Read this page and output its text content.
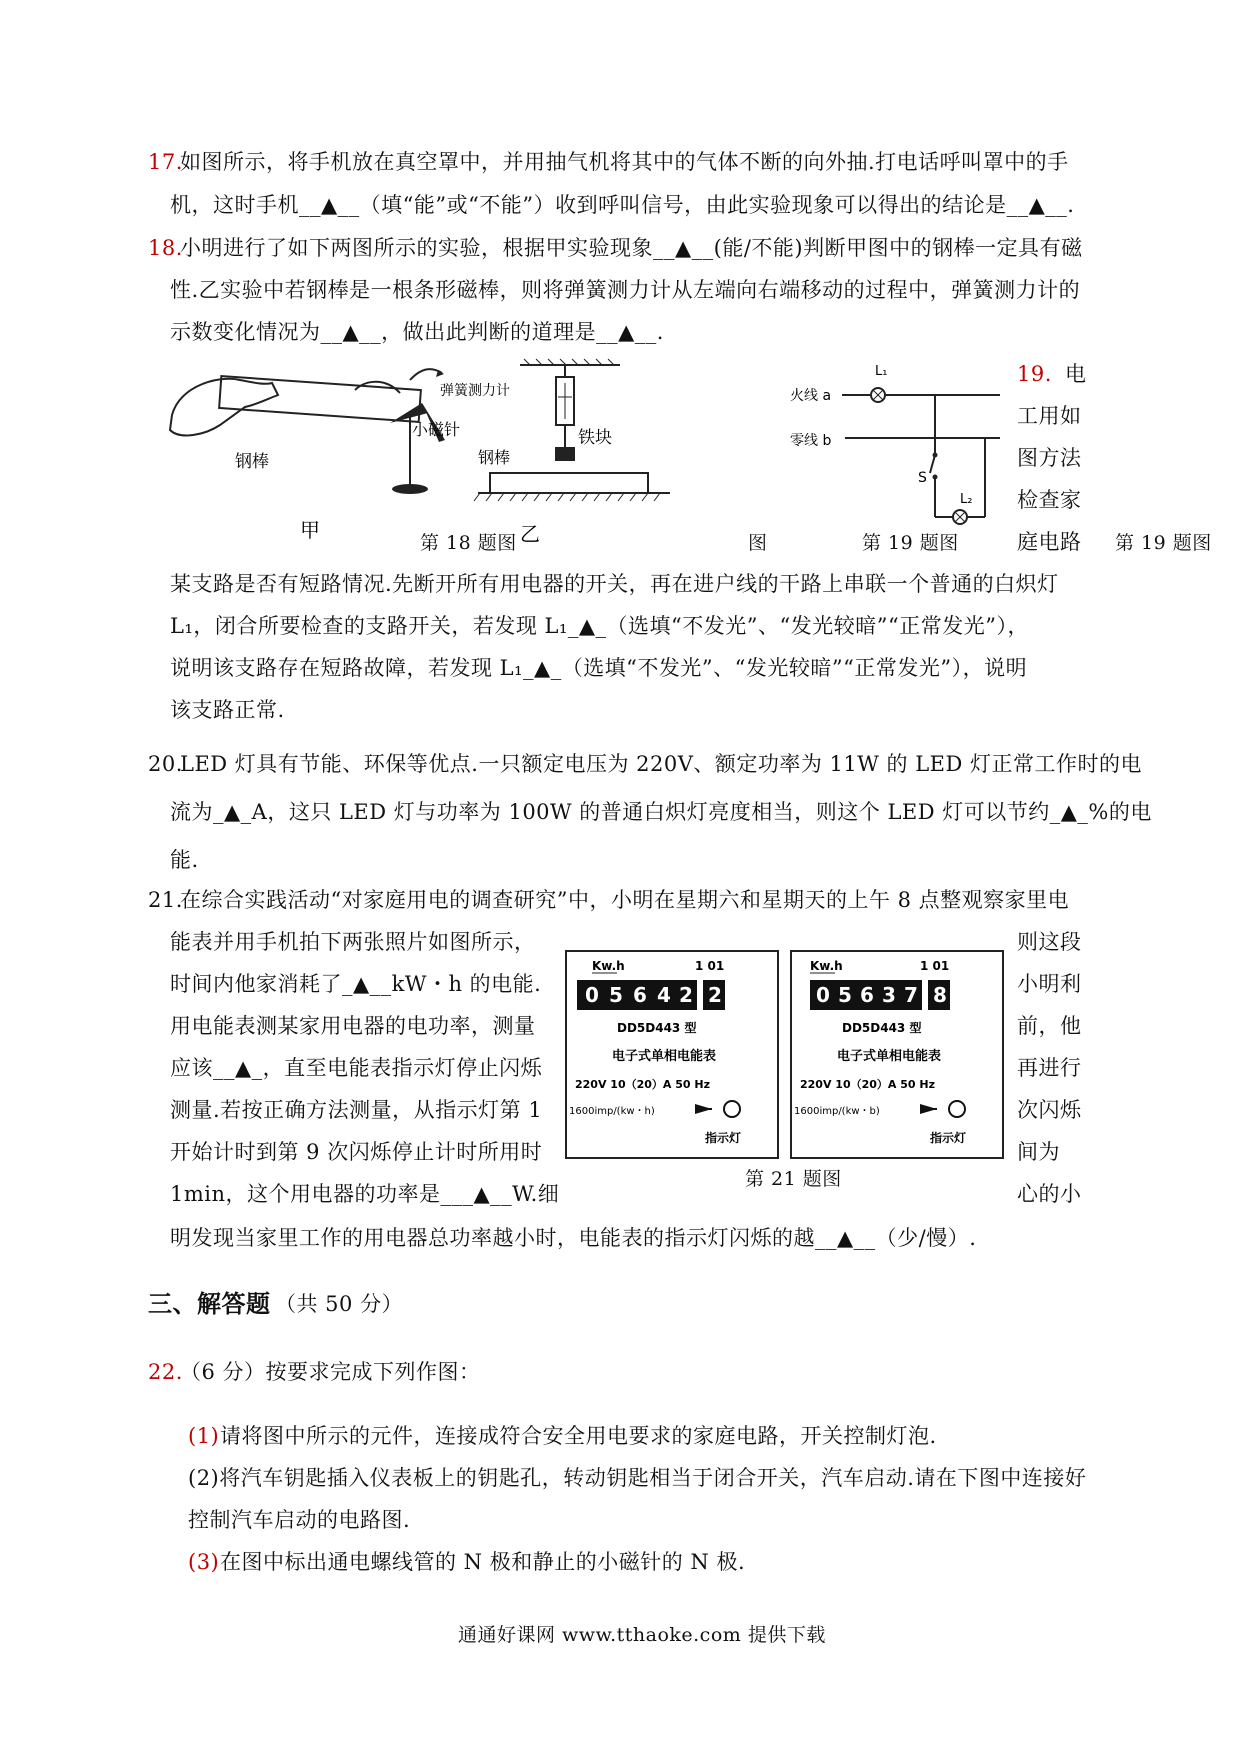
17.
如图所示，将手机放在真空罩中，并用抽气机将其中的气体不断的向外抽.打电话呼叫罩中的手
机，这时手机__▲__（填“能”或“不能”）收到呼叫信号，由此实验现象可以得出的结论是__▲__.
18.
小明进行了如下两图所示的实验，根据甲实验现象__▲__(能/不能)判断甲图中的钢棒一定具有磁
性.乙实验中若钢棒是一根条形磁棒，则将弹簧测力计从左端向右端移动的过程中，弹簧测力计的
示数变化情况为__▲__，做出此判断的道理是__▲__.
钢棒
小磁针
甲
弹簧测力计
铁块
钢棒
乙
第 18 题图	图
L₁
火线 a
零线 b
S
L₂
第 19 题图
19. 电
工用如
图方法
检查家
庭电路 第 19 题图
某支路是否有短路情况.先断开所有用电器的开关，再在进户线的干路上串联一个普通的白炽灯
L₁，闭合所要检查的支路开关，若发现 L₁_▲_（选填“不发光”、“发光较暗”“正常发光”），
说明该支路存在短路故障，若发现 L₁_▲_（选填“不发光”、“发光较暗”“正常发光”），说明
该支路正常.
20.
LED 灯具有节能、环保等优点.一只额定电压为 220V、额定功率为 11W 的 LED 灯正常工作时的电
流为_▲_A，这只 LED 灯与功率为 100W 的普通白炽灯亮度相当，则这个 LED 灯可以节约_▲_%的电
能.
21.
在综合实践活动“对家庭用电的调查研究”中，小明在星期六和星期天的上午 8 点整观察家里电
能表并用手机拍下两张照片如图所示，
时间内他家消耗了_▲__kW・h 的电能.
用电能表测某家用电器的电功率，测量
应该__▲_，直至电能表指示灯停止闪烁
测量.若按正确方法测量，从指示灯第 1
开始计时到第 9 次闪烁停止计时所用时
1min，这个用电器的功率是___▲__W.细
则这段
小明利
前，他
再进行
次闪烁
间为
心的小
Kw.h	1 01
0 5 6 4 2 2
DD5D443 型
电子式单相电能表
220V 10（20）A 50 Hz
1600imp/(kw・h)
指示灯
Kw.h	1 01
0 5 6 3 7 8
DD5D443 型
电子式单相电能表
220V 10（20）A 50 Hz
1600imp/(kw・b)
指示灯
第 21 题图
明发现当家里工作的用电器总功率越小时，电能表的指示灯闪烁的越__▲__（少/慢）.
三、解答题 （共 50 分）
22.
（6 分）按要求完成下列作图：
(1) 请将图中所示的元件，连接成符合安全用电要求的家庭电路，开关控制灯泡.
(2)将汽车钥匙插入仪表板上的钥匙孔，转动钥匙相当于闭合开关，汽车启动.请在下图中连接好
控制汽车启动的电路图.
(3) 在图中标出通电螺线管的 N 极和静止的小磁针的 N 极.
通通好课网 www.tthaoke.com 提供下载
